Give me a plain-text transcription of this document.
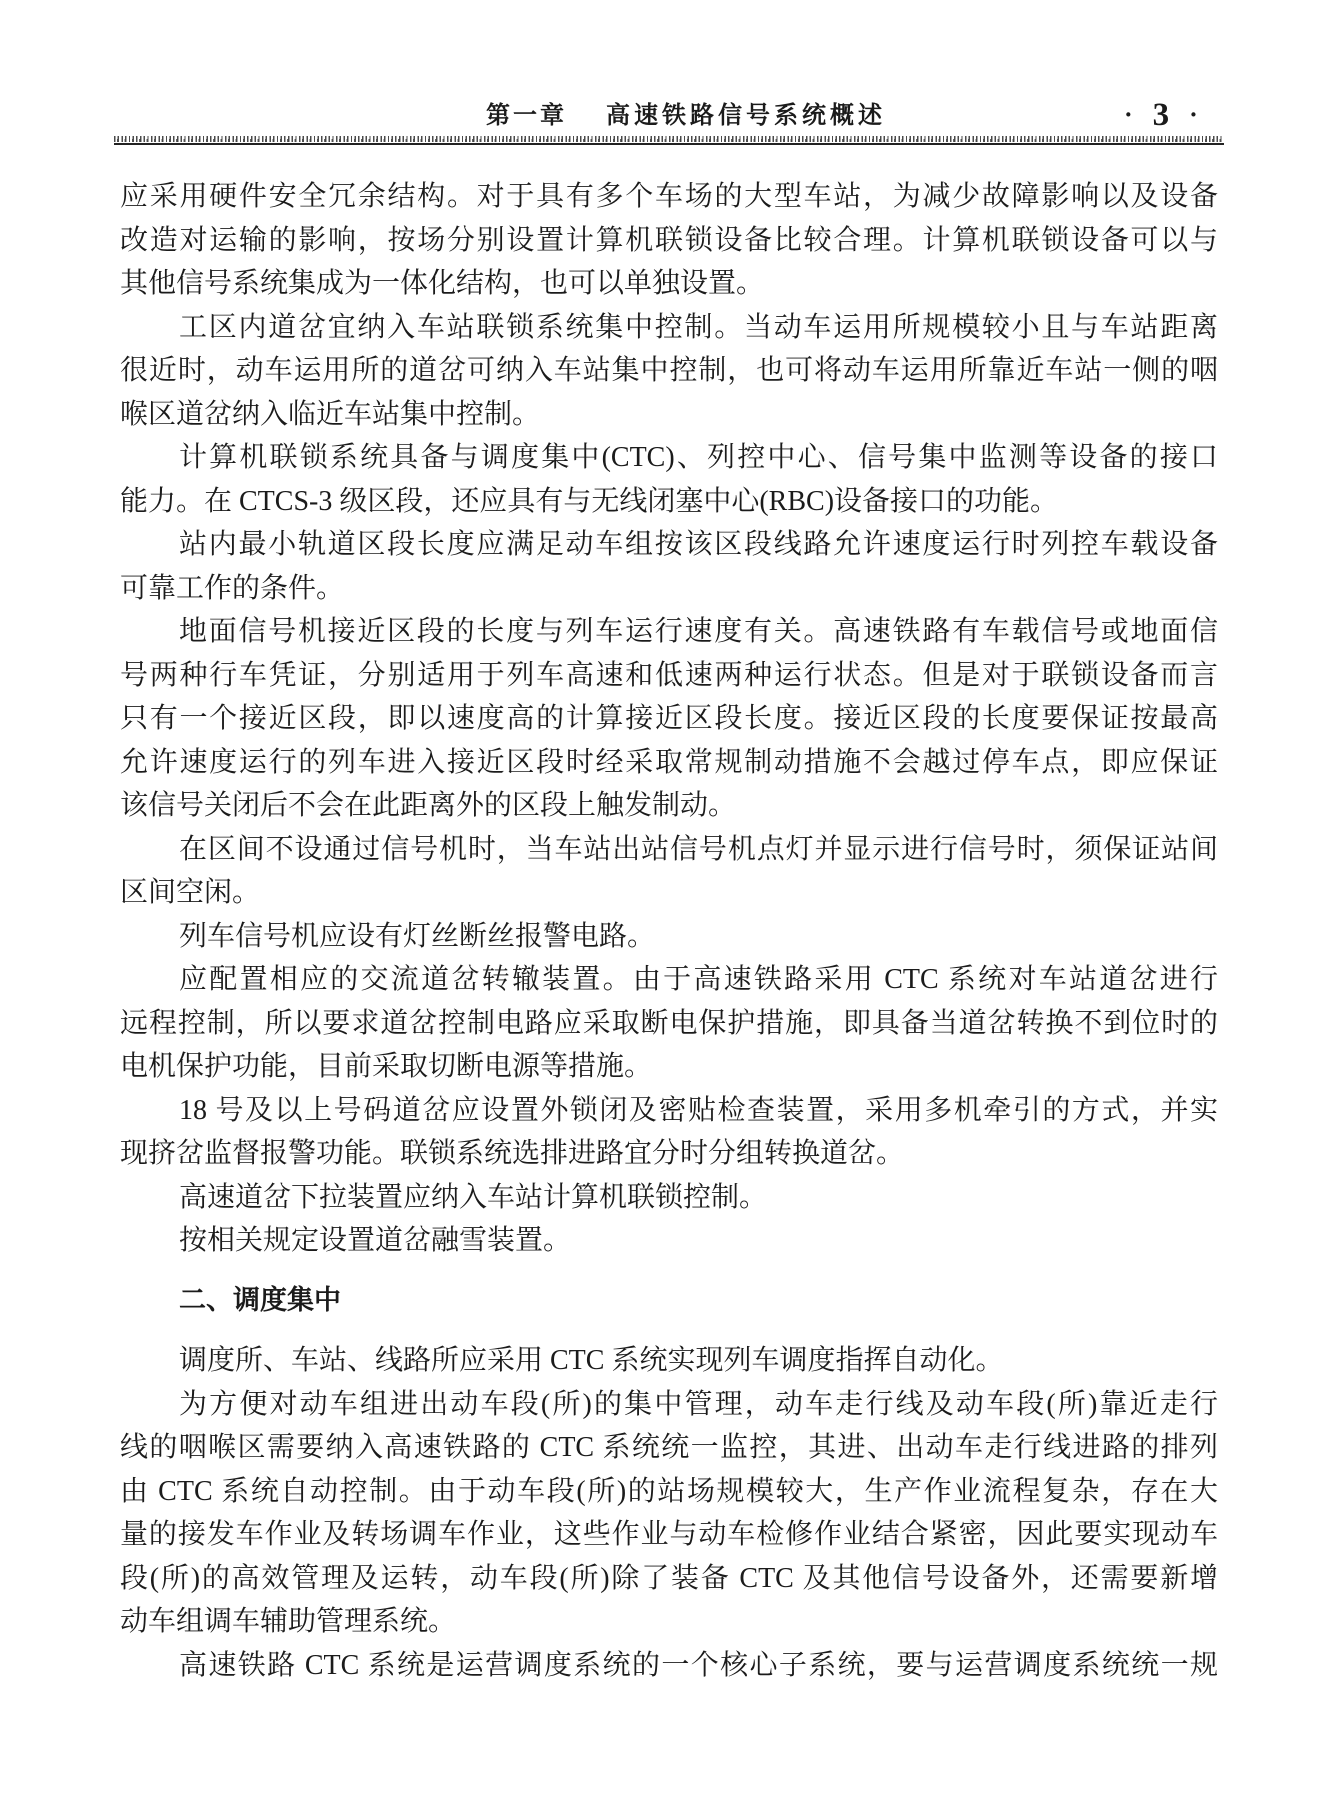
第一章 高速铁路信号系统概述	· 3 ·
应采用硬件安全冗余结构。对于具有多个车场的大型车站，为减少故障影响以及设备
改造对运输的影响，按场分别设置计算机联锁设备比较合理。计算机联锁设备可以与
其他信号系统集成为一体化结构，也可以单独设置。
工区内道岔宜纳入车站联锁系统集中控制。当动车运用所规模较小且与车站距离
很近时，动车运用所的道岔可纳入车站集中控制，也可将动车运用所靠近车站一侧的咽
喉区道岔纳入临近车站集中控制。
计算机联锁系统具备与调度集中(CTC)、列控中心、信号集中监测等设备的接口
能力。在 CTCS-3 级区段，还应具有与无线闭塞中心(RBC)设备接口的功能。
站内最小轨道区段长度应满足动车组按该区段线路允许速度运行时列控车载设备
可靠工作的条件。
地面信号机接近区段的长度与列车运行速度有关。高速铁路有车载信号或地面信
号两种行车凭证，分别适用于列车高速和低速两种运行状态。但是对于联锁设备而言
只有一个接近区段，即以速度高的计算接近区段长度。接近区段的长度要保证按最高
允许速度运行的列车进入接近区段时经采取常规制动措施不会越过停车点，即应保证
该信号关闭后不会在此距离外的区段上触发制动。
在区间不设通过信号机时，当车站出站信号机点灯并显示进行信号时，须保证站间
区间空闲。
列车信号机应设有灯丝断丝报警电路。
应配置相应的交流道岔转辙装置。由于高速铁路采用 CTC 系统对车站道岔进行
远程控制，所以要求道岔控制电路应采取断电保护措施，即具备当道岔转换不到位时的
电机保护功能，目前采取切断电源等措施。
18 号及以上号码道岔应设置外锁闭及密贴检查装置，采用多机牵引的方式，并实
现挤岔监督报警功能。联锁系统选排进路宜分时分组转换道岔。
高速道岔下拉装置应纳入车站计算机联锁控制。
按相关规定设置道岔融雪装置。
二、调度集中
调度所、车站、线路所应采用 CTC 系统实现列车调度指挥自动化。
为方便对动车组进出动车段(所)的集中管理，动车走行线及动车段(所)靠近走行
线的咽喉区需要纳入高速铁路的 CTC 系统统一监控，其进、出动车走行线进路的排列
由 CTC 系统自动控制。由于动车段(所)的站场规模较大，生产作业流程复杂，存在大
量的接发车作业及转场调车作业，这些作业与动车检修作业结合紧密，因此要实现动车
段(所)的高效管理及运转，动车段(所)除了装备 CTC 及其他信号设备外，还需要新增
动车组调车辅助管理系统。
高速铁路 CTC 系统是运营调度系统的一个核心子系统，要与运营调度系统统一规
